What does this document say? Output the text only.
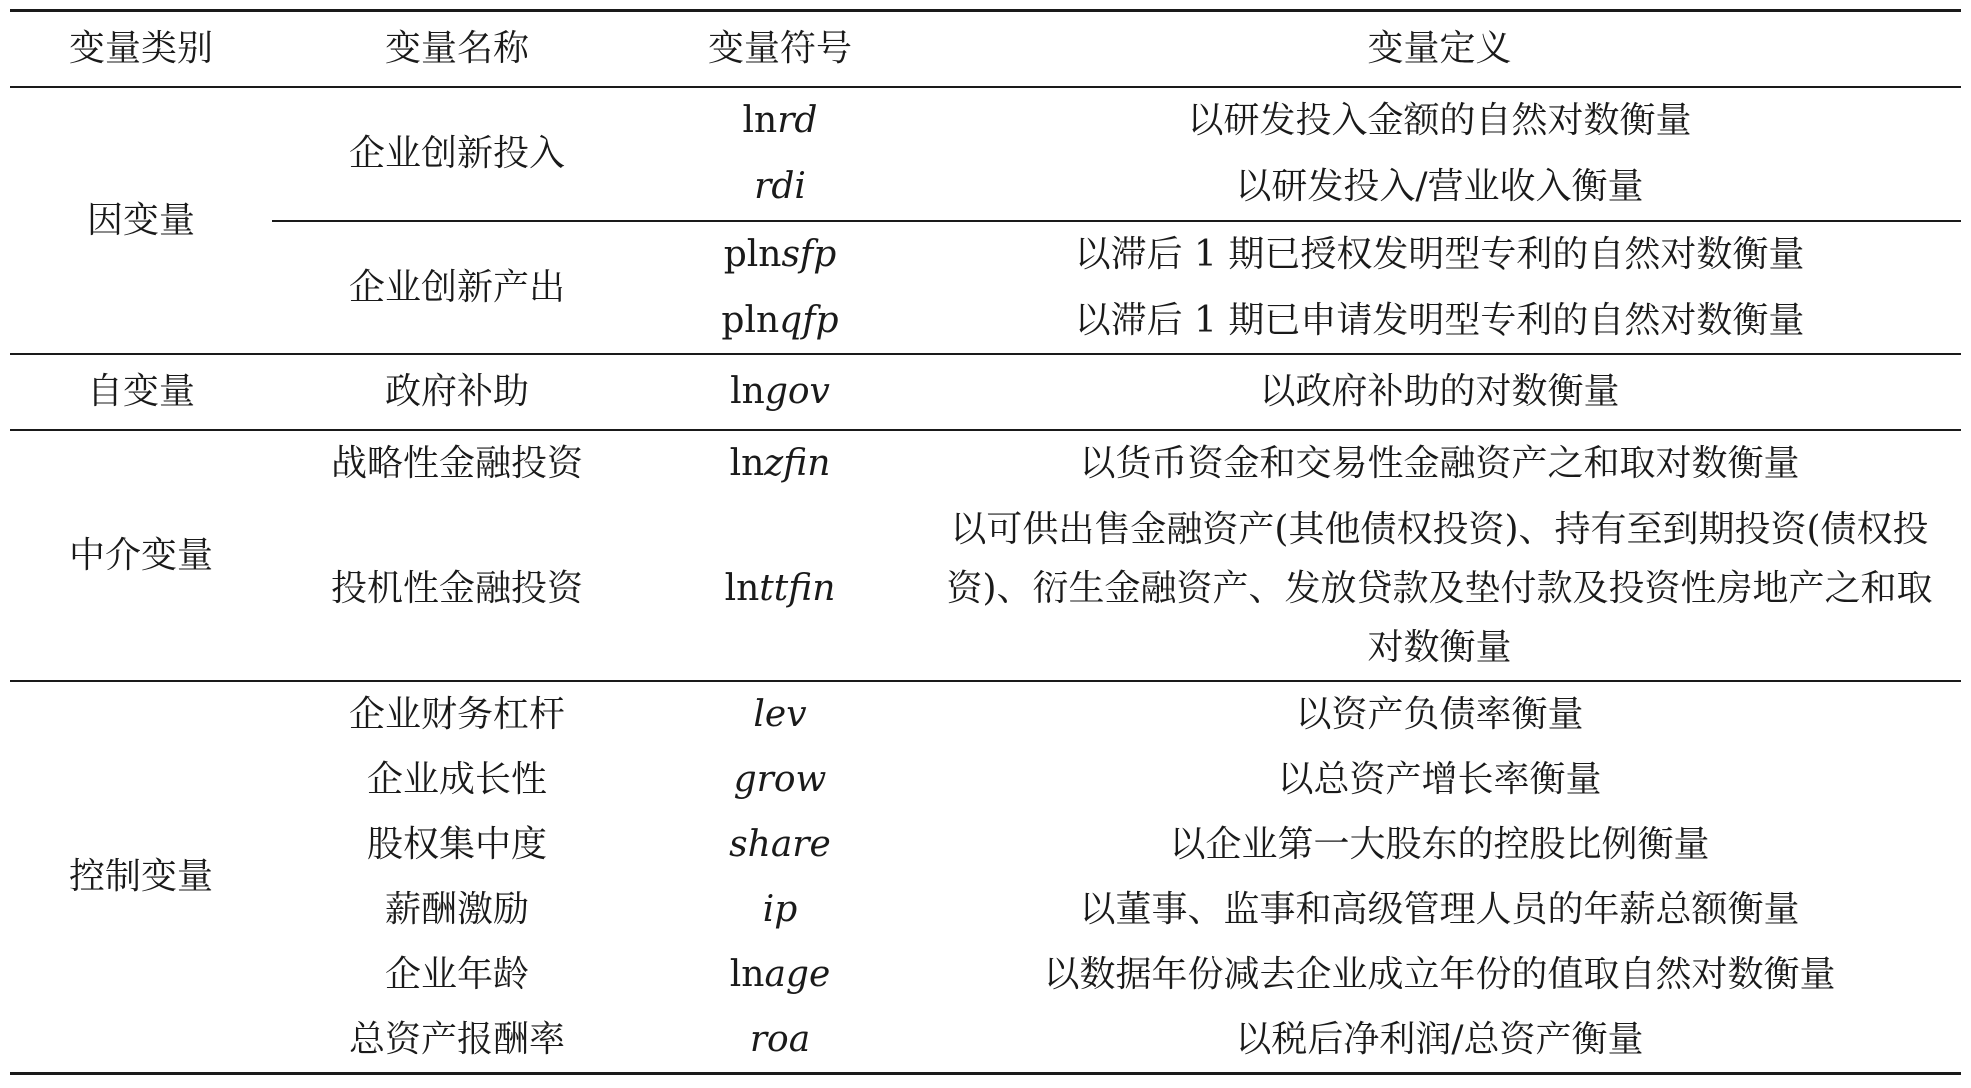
变量类别	变量名称	变量符号	变量定义
因变量	企业创新投入	lnrd	以研发投入金额的自然对数衡量
		rdi	以研发投入/营业收入衡量
	企业创新产出	plnsfp	以滞后 1 期已授权发明型专利的自然对数衡量
		plnqfp	以滞后 1 期已申请发明型专利的自然对数衡量
自变量	政府补助	lngov	以政府补助的对数衡量
中介变量	战略性金融投资	lnzfin	以货币资金和交易性金融资产之和取对数衡量
	投机性金融投资	lnttfin	以可供出售金融资产(其他债权投资)、持有至到期投资(债权投资)、衍生金融资产、发放贷款及垫付款及投资性房地产之和取对数衡量
控制变量	企业财务杠杆	lev	以资产负债率衡量
	企业成长性	grow	以总资产增长率衡量
	股权集中度	share	以企业第一大股东的控股比例衡量
	薪酬激励	ip	以董事、监事和高级管理人员的年薪总额衡量
	企业年龄	lnage	以数据年份减去企业成立年份的值取自然对数衡量
	总资产报酬率	roa	以税后净利润/总资产衡量
